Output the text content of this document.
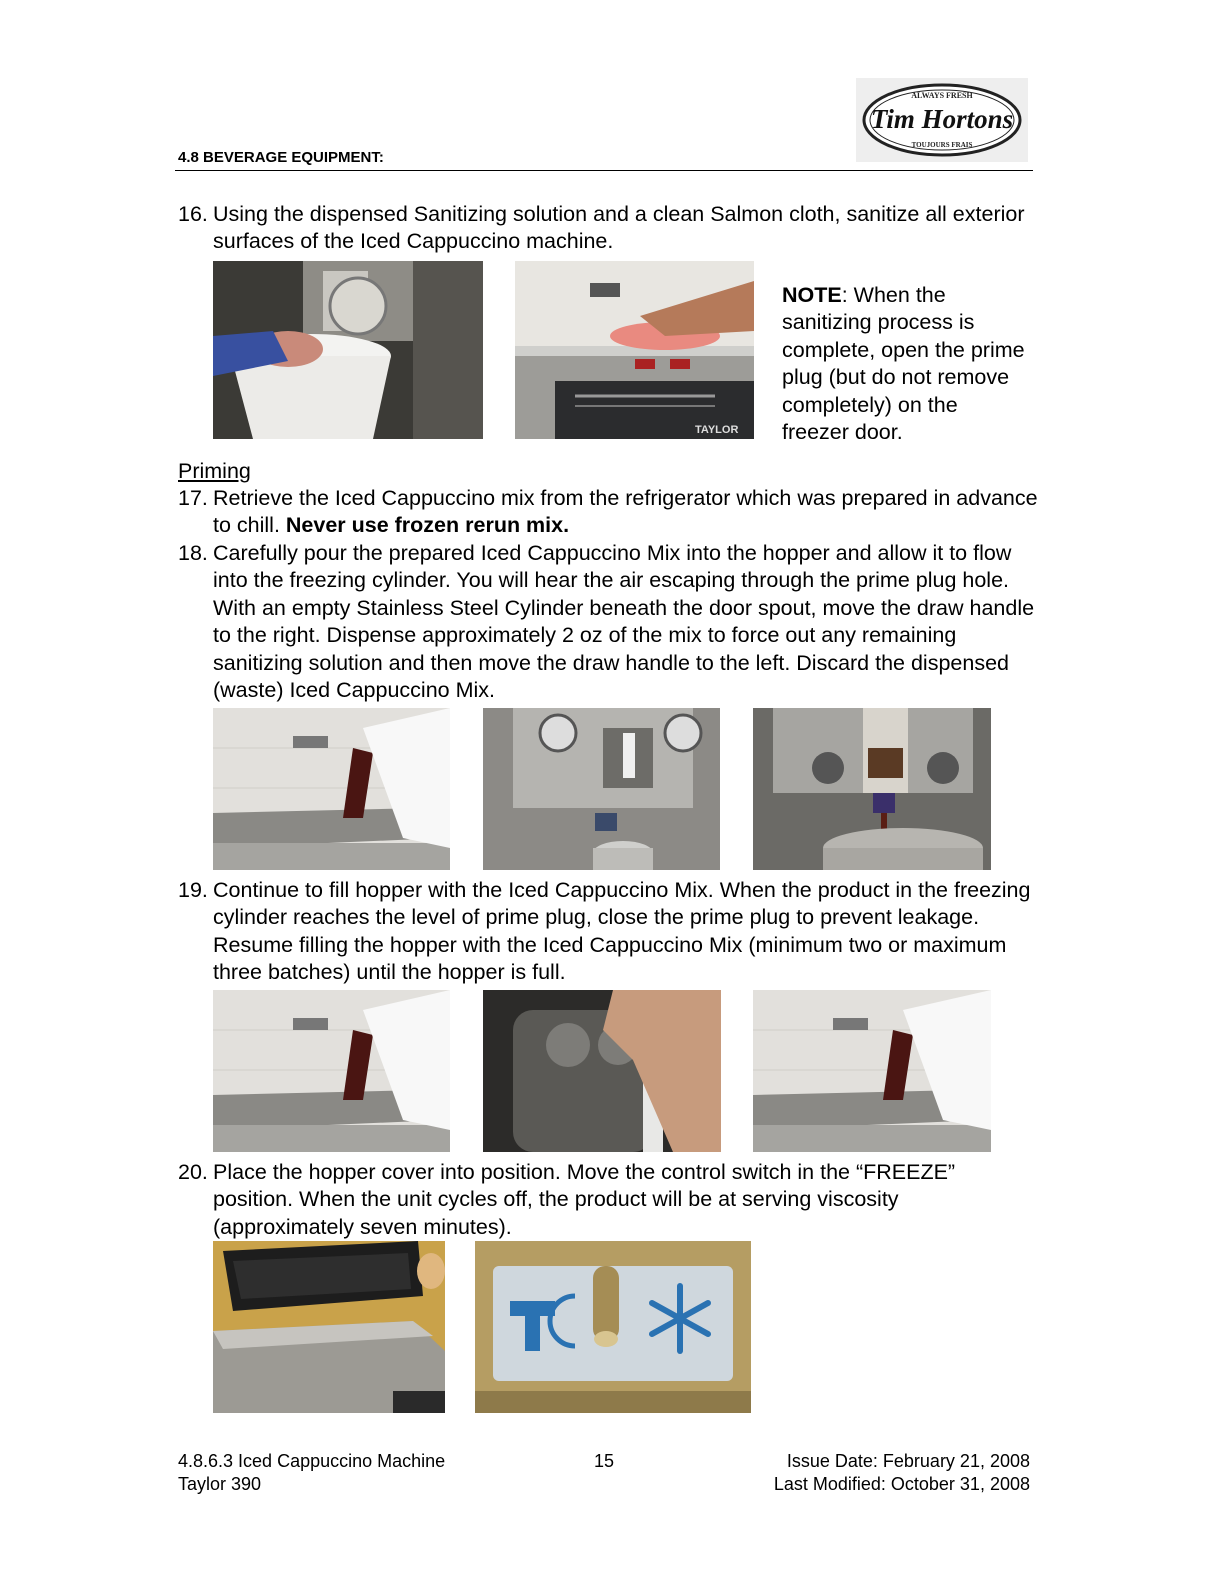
ALWAYS FRESH
Tim Hortons
TOUJOURS FRAIS
4.8 BEVERAGE EQUIPMENT:
16. Using the dispensed Sanitizing solution and a clean Salmon cloth, sanitize all exterior surfaces of the Iced Cappuccino machine.
TAYLOR
NOTE: When the sanitizing process is complete, open the prime plug (but do not remove completely) on the freezer door.
Priming
17. Retrieve the Iced Cappuccino mix from the refrigerator which was prepared in advance to chill. Never use frozen rerun mix.
18. Carefully pour the prepared Iced Cappuccino Mix into the hopper and allow it to flow into the freezing cylinder. You will hear the air escaping through the prime plug hole. With an empty Stainless Steel Cylinder beneath the door spout, move the draw handle to the right. Dispense approximately 2 oz of the mix to force out any remaining sanitizing solution and then move the draw handle to the left. Discard the dispensed (waste) Iced Cappuccino Mix.
19. Continue to fill hopper with the Iced Cappuccino Mix. When the product in the freezing cylinder reaches the level of prime plug, close the prime plug to prevent leakage. Resume filling the hopper with the Iced Cappuccino Mix (minimum two or maximum three batches) until the hopper is full.
20. Place the hopper cover into position. Move the control switch in the “FREEZE” position. When the unit cycles off, the product will be at serving viscosity (approximately seven minutes).
4.8.6.3 Iced Cappuccino Machine
Taylor 390
15	Issue Date: February 21, 2008
Last Modified: October 31, 2008
